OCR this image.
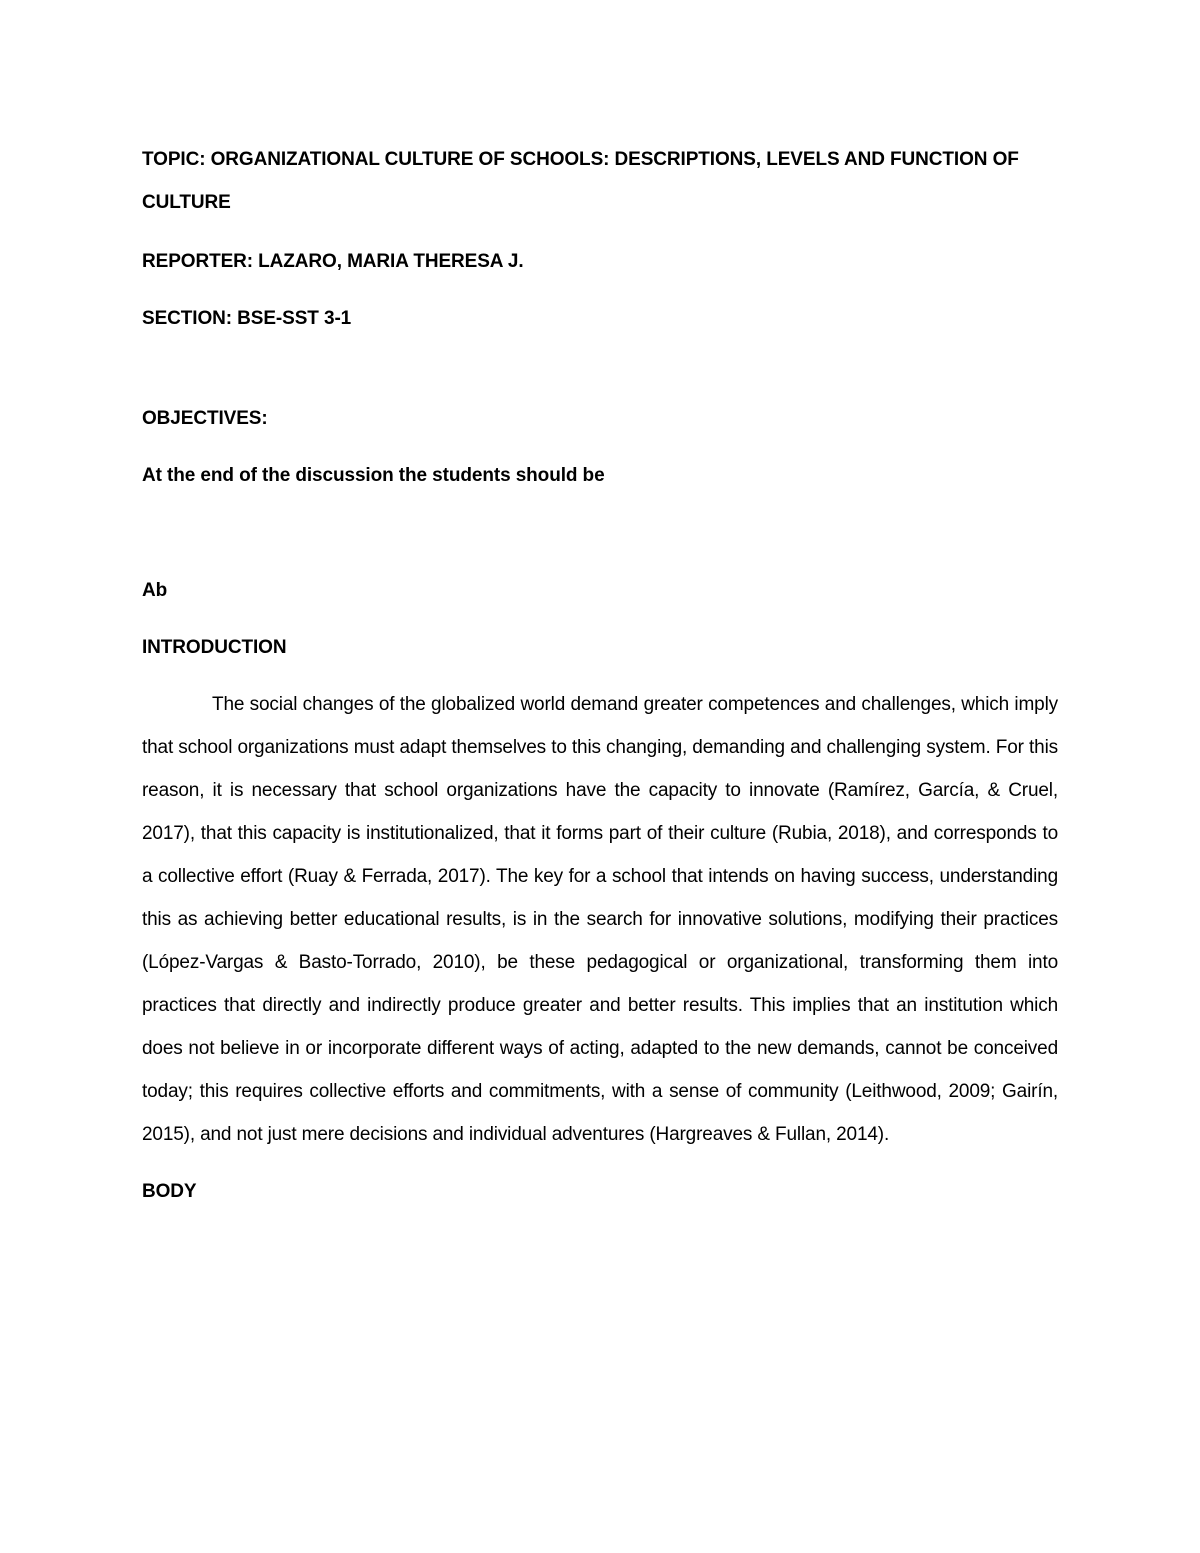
TOPIC: ORGANIZATIONAL CULTURE OF SCHOOLS: DESCRIPTIONS, LEVELS AND FUNCTION OF CULTURE

REPORTER: LAZARO, MARIA THERESA J.

SECTION: BSE-SST 3-1

OBJECTIVES:

At the end of the discussion the students should be

Ab

INTRODUCTION

The social changes of the globalized world demand greater competences and challenges, which imply that school organizations must adapt themselves to this changing, demanding and challenging system. For this reason, it is necessary that school organizations have the capacity to innovate (Ramírez, García, & Cruel, 2017), that this capacity is institutionalized, that it forms part of their culture (Rubia, 2018), and corresponds to a collective effort (Ruay & Ferrada, 2017). The key for a school that intends on having success, understanding this as achieving better educational results, is in the search for innovative solutions, modifying their practices (López-Vargas & Basto-Torrado, 2010), be these pedagogical or organizational, transforming them into practices that directly and indirectly produce greater and better results. This implies that an institution which does not believe in or incorporate different ways of acting, adapted to the new demands, cannot be conceived today; this requires collective efforts and commitments, with a sense of community (Leithwood, 2009; Gairín, 2015), and not just mere decisions and individual adventures (Hargreaves & Fullan, 2014).

BODY
